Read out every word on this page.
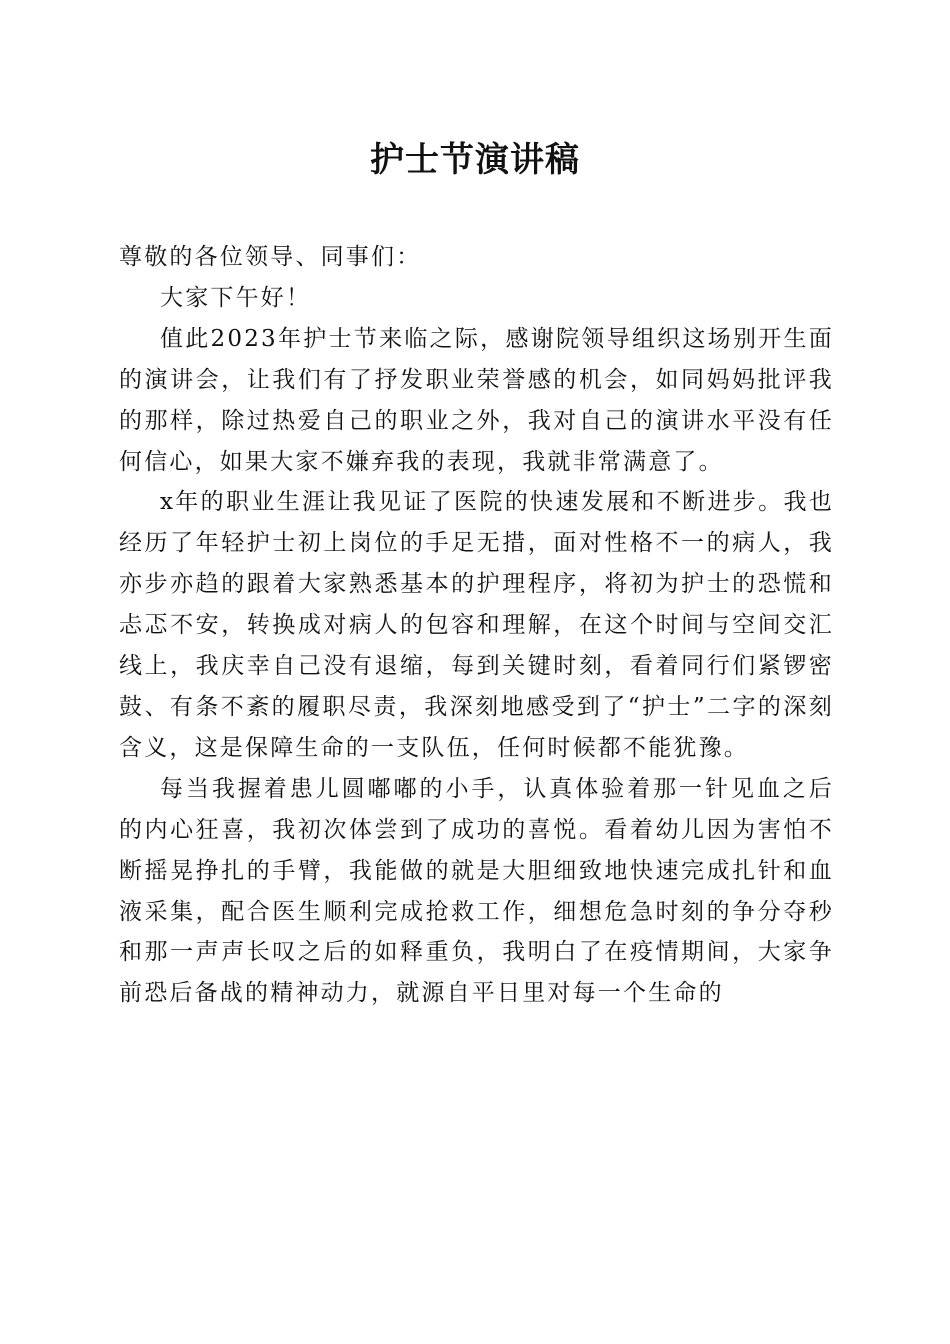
护士节演讲稿

尊敬的各位领导、同事们：

大家下午好！

值此2023年护士节来临之际，感谢院领导组织这场别开生面的演讲会，让我们有了抒发职业荣誉感的机会，如同妈妈批评我的那样，除过热爱自己的职业之外，我对自己的演讲水平没有任何信心，如果大家不嫌弃我的表现，我就非常满意了。

x年的职业生涯让我见证了医院的快速发展和不断进步。我也经历了年轻护士初上岗位的手足无措，面对性格不一的病人，我亦步亦趋的跟着大家熟悉基本的护理程序，将初为护士的恐慌和忐忑不安，转换成对病人的包容和理解，在这个时间与空间交汇线上，我庆幸自己没有退缩，每到关键时刻，看着同行们紧锣密鼓、有条不紊的履职尽责，我深刻地感受到了“护士”二字的深刻含义，这是保障生命的一支队伍，任何时候都不能犹豫。

每当我握着患儿圆嘟嘟的小手，认真体验着那一针见血之后的内心狂喜，我初次体尝到了成功的喜悦。看着幼儿因为害怕不断摇晃挣扎的手臂，我能做的就是大胆细致地快速完成扎针和血液采集，配合医生顺利完成抢救工作，细想危急时刻的争分夺秒和那一声声长叹之后的如释重负，我明白了在疫情期间，大家争前恐后备战的精神动力，就源自平日里对每一个生命的
